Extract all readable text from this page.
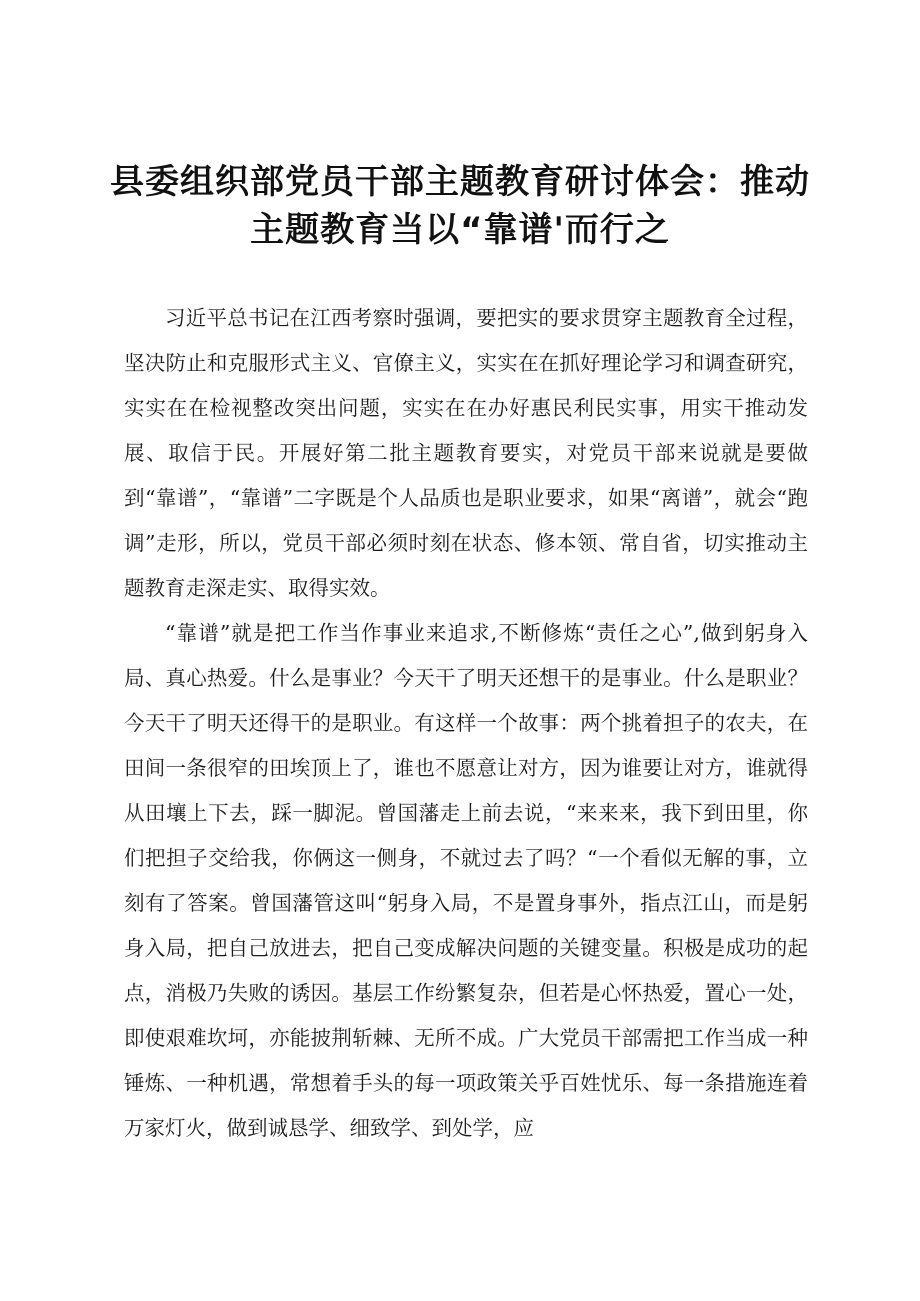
县委组织部党员干部主题教育研讨体会：推动
主题教育当以“靠谱'而行之

习近平总书记在江西考察时强调，要把实的要求贯穿主题教育全过程，坚决防止和克服形式主义、官僚主义，实实在在抓好理论学习和调查研究，实实在在检视整改突出问题，实实在在办好惠民利民实事，用实干推动发展、取信于民。开展好第二批主题教育要实，对党员干部来说就是要做到“靠谱”，“靠谱”二字既是个人品质也是职业要求，如果“离谱”，就会“跑调”走形，所以，党员干部必须时刻在状态、修本领、常自省，切实推动主题教育走深走实、取得实效。

“靠谱”就是把工作当作事业来追求,不断修炼“责任之心”,做到躬身入局、真心热爱。什么是事业？今天干了明天还想干的是事业。什么是职业？今天干了明天还得干的是职业。有这样一个故事：两个挑着担子的农夫，在田间一条很窄的田埃顶上了，谁也不愿意让对方，因为谁要让对方，谁就得从田壤上下去，踩一脚泥。曾国藩走上前去说，“来来来，我下到田里，你们把担子交给我，你俩这一侧身，不就过去了吗？“一个看似无解的事，立刻有了答案。曾国藩管这叫“躬身入局，不是置身事外，指点江山，而是躬身入局，把自己放进去，把自己变成解决问题的关键变量。积极是成功的起点，消极乃失败的诱因。基层工作纷繁复杂，但若是心怀热爱，置心一处，即使艰难坎坷，亦能披荆斩棘、无所不成。广大党员干部需把工作当成一种锤炼、一种机遇，常想着手头的每一项政策关乎百姓忧乐、每一条措施连着万家灯火，做到诚恳学、细致学、到处学，应
